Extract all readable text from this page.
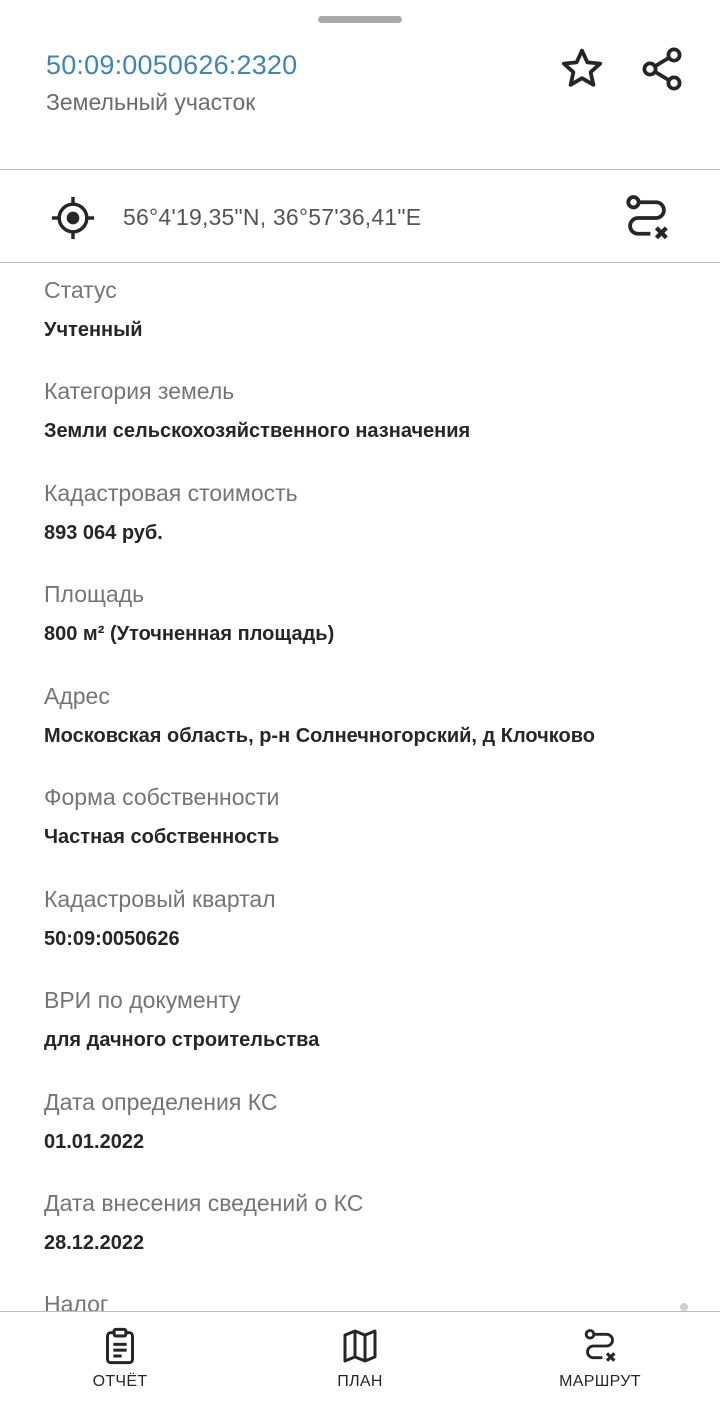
50:09:0050626:2320
Земельный участок
56°4'19,35"N, 36°57'36,41"E
Статус
Учтенный
Категория земель
Земли сельскохозяйственного назначения
Кадастровая стоимость
893 064 руб.
Площадь
800 м² (Уточненная площадь)
Адрес
Московская область, р-н Солнечногорский, д Клочково
Форма собственности
Частная собственность
Кадастровый квартал
50:09:0050626
ВРИ по документу
для дачного строительства
Дата определения КС
01.01.2022
Дата внесения сведений о КС
28.12.2022
Налог
ОТЧЁТ	ПЛАН	МАРШРУТ
